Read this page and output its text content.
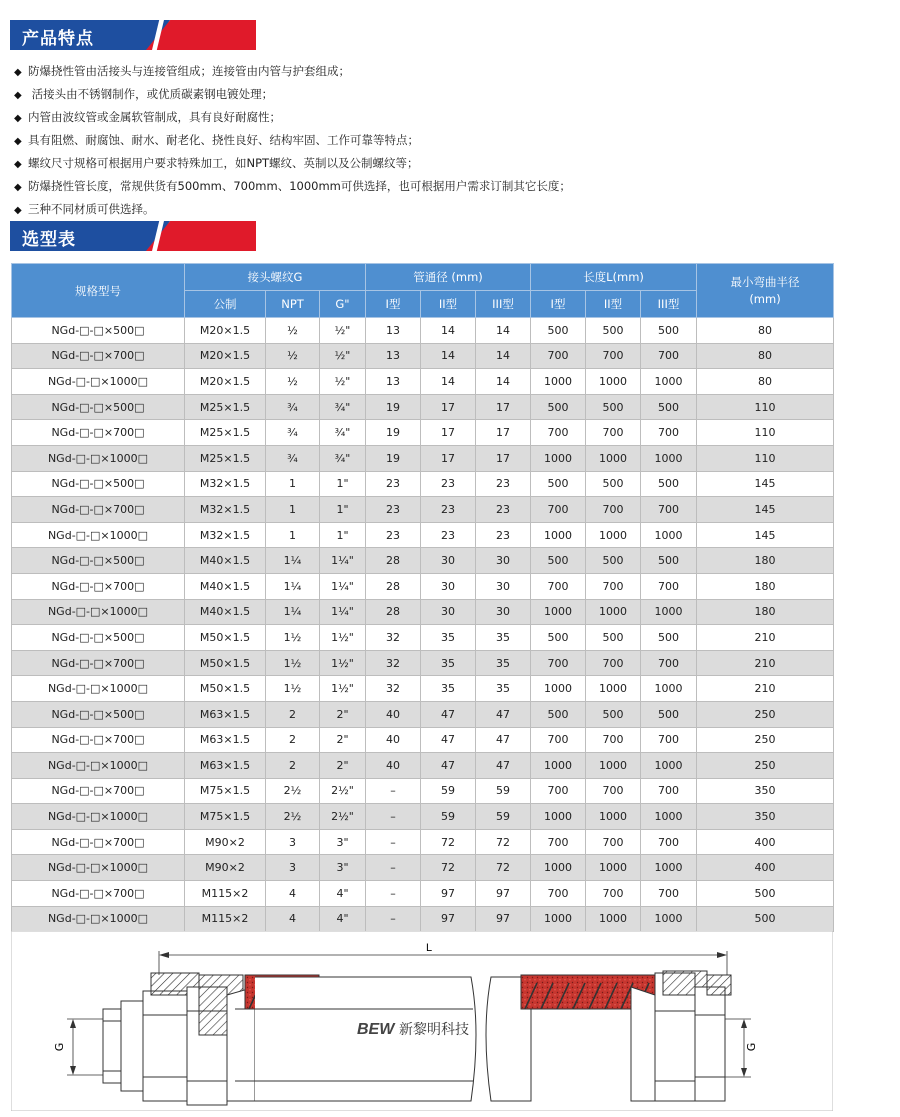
产品特点
◆ 防爆挠性管由活接头与连接管组成；连接管由内管与护套组成；
◆ 活接头由不锈钢制作，或优质碳素钢电镀处理；
◆ 内管由波纹管或金属软管制成，具有良好耐腐性；
◆ 具有阻燃、耐腐蚀、耐水、耐老化、挠性良好、结构牢固、工作可靠等特点；
◆ 螺纹尺寸规格可根据用户要求特殊加工，如NPT螺纹、英制以及公制螺纹等；
◆ 防爆挠性管长度，常规供货有500mm、700mm、1000mm可供选择，也可根据用户需求订制其它长度；
◆ 三种不同材质可供选择。
选型表
规格型号	接头螺纹G			管通径 (mm)			长度L(mm)			最小弯曲半径
(mm)
	公制	NPT	G"	I型	II型	III型	I型	II型	III型	
NGd-□-□×500□	M20×1.5	½	½"	13	14	14	500	500	500	80
NGd-□-□×700□	M20×1.5	½	½"	13	14	14	700	700	700	80
NGd-□-□×1000□	M20×1.5	½	½"	13	14	14	1000	1000	1000	80
NGd-□-□×500□	M25×1.5	¾	¾"	19	17	17	500	500	500	110
NGd-□-□×700□	M25×1.5	¾	¾"	19	17	17	700	700	700	110
NGd-□-□×1000□	M25×1.5	¾	¾"	19	17	17	1000	1000	1000	110
NGd-□-□×500□	M32×1.5	1	1"	23	23	23	500	500	500	145
NGd-□-□×700□	M32×1.5	1	1"	23	23	23	700	700	700	145
NGd-□-□×1000□	M32×1.5	1	1"	23	23	23	1000	1000	1000	145
NGd-□-□×500□	M40×1.5	1¼	1¼"	28	30	30	500	500	500	180
NGd-□-□×700□	M40×1.5	1¼	1¼"	28	30	30	700	700	700	180
NGd-□-□×1000□	M40×1.5	1¼	1¼"	28	30	30	1000	1000	1000	180
NGd-□-□×500□	M50×1.5	1½	1½"	32	35	35	500	500	500	210
NGd-□-□×700□	M50×1.5	1½	1½"	32	35	35	700	700	700	210
NGd-□-□×1000□	M50×1.5	1½	1½"	32	35	35	1000	1000	1000	210
NGd-□-□×500□	M63×1.5	2	2"	40	47	47	500	500	500	250
NGd-□-□×700□	M63×1.5	2	2"	40	47	47	700	700	700	250
NGd-□-□×1000□	M63×1.5	2	2"	40	47	47	1000	1000	1000	250
NGd-□-□×700□	M75×1.5	2½	2½"	–	59	59	700	700	700	350
NGd-□-□×1000□	M75×1.5	2½	2½"	–	59	59	1000	1000	1000	350
NGd-□-□×700□	M90×2	3	3"	–	72	72	700	700	700	400
NGd-□-□×1000□	M90×2	3	3"	–	72	72	1000	1000	1000	400
NGd-□-□×700□	M115×2	4	4"	–	97	97	700	700	700	500
NGd-□-□×1000□	M115×2	4	4"	–	97	97	1000	1000	1000	500
L
G	G
BEW 新黎明科技
